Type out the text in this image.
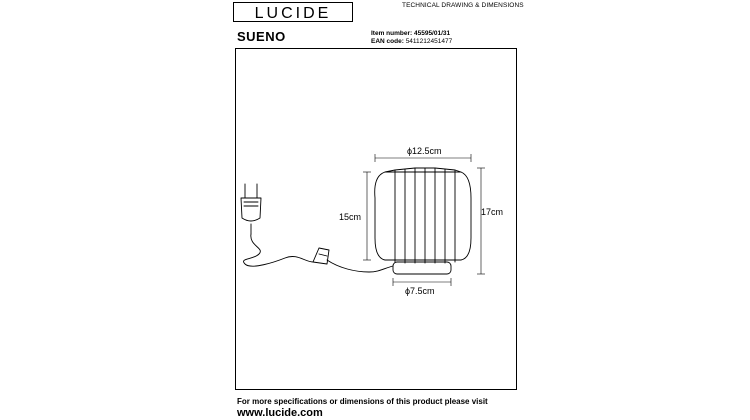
LUCIDE	TECHNICAL DRAWING & DIMENSIONS
SUENO	Item number: 45595/01/31
EAN code: 5411212451477
ϕ12.5cm
15cm	17cm
ϕ7.5cm
For more specifications or dimensions of this product please visit
www.lucide.com
